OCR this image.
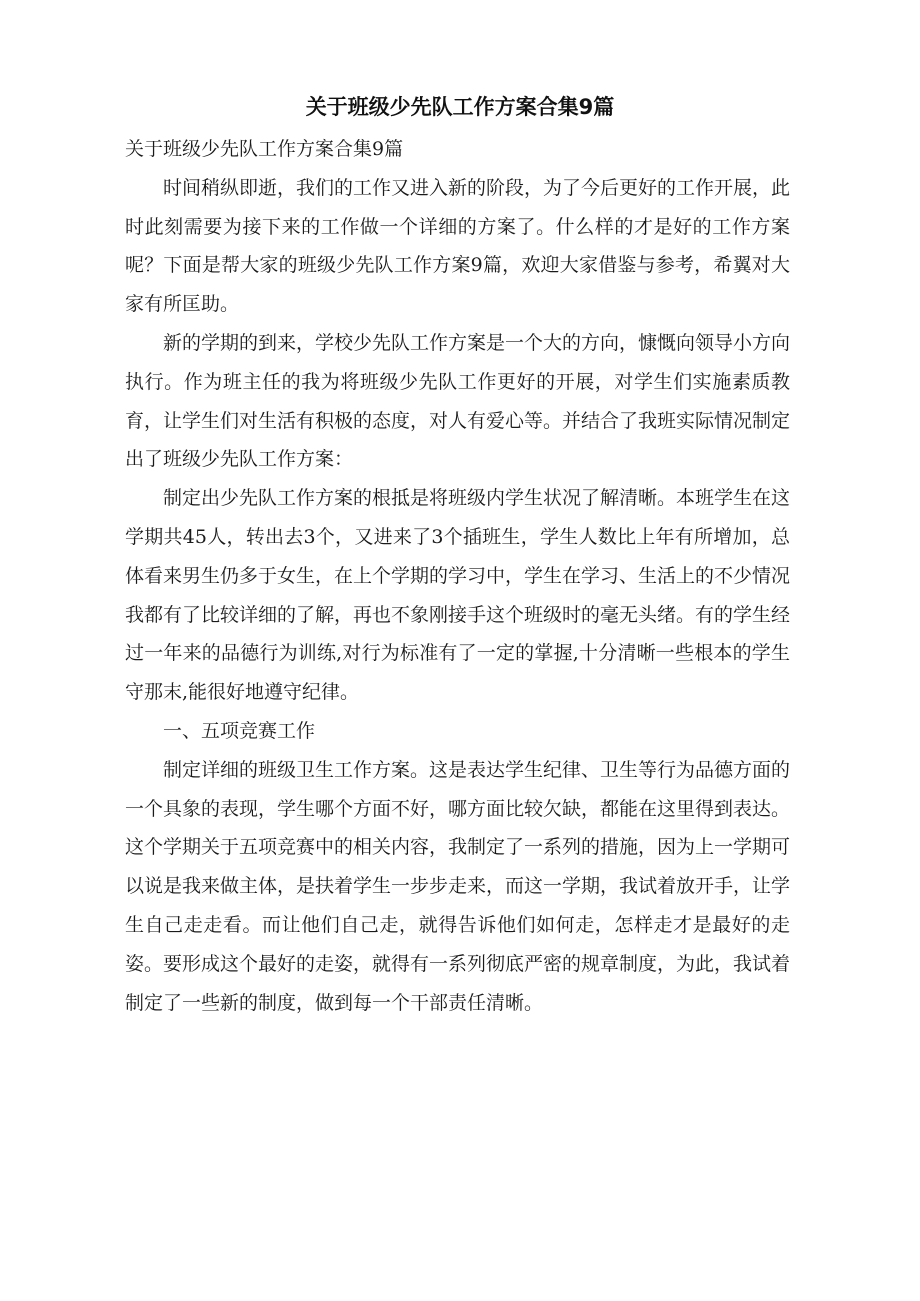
关于班级少先队工作方案合集9篇

关于班级少先队工作方案合集9篇

时间稍纵即逝，我们的工作又进入新的阶段，为了今后更好的工作开展，此时此刻需要为接下来的工作做一个详细的方案了。什么样的才是好的工作方案呢？下面是帮大家的班级少先队工作方案9篇，欢迎大家借鉴与参考，希翼对大家有所匡助。

新的学期的到来，学校少先队工作方案是一个大的方向，慷慨向领导小方向执行。作为班主任的我为将班级少先队工作更好的开展，对学生们实施素质教育，让学生们对生活有积极的态度，对人有爱心等。并结合了我班实际情况制定出了班级少先队工作方案：

制定出少先队工作方案的根抵是将班级内学生状况了解清晰。本班学生在这学期共45人，转出去3个，又进来了3个插班生，学生人数比上年有所增加，总体看来男生仍多于女生，在上个学期的学习中，学生在学习、生活上的不少情况我都有了比较详细的了解，再也不象刚接手这个班级时的毫无头绪。有的学生经过一年来的品德行为训练,对行为标准有了一定的掌握,十分清晰一些根本的学生守那末,能很好地遵守纪律。

一、五项竞赛工作

制定详细的班级卫生工作方案。这是表达学生纪律、卫生等行为品德方面的一个具象的表现，学生哪个方面不好，哪方面比较欠缺，都能在这里得到表达。这个学期关于五项竞赛中的相关内容，我制定了一系列的措施，因为上一学期可以说是我来做主体，是扶着学生一步步走来，而这一学期，我试着放开手，让学生自己走走看。而让他们自己走，就得告诉他们如何走，怎样走才是最好的走姿。要形成这个最好的走姿，就得有一系列彻底严密的规章制度，为此，我试着制定了一些新的制度，做到每一个干部责任清晰。
